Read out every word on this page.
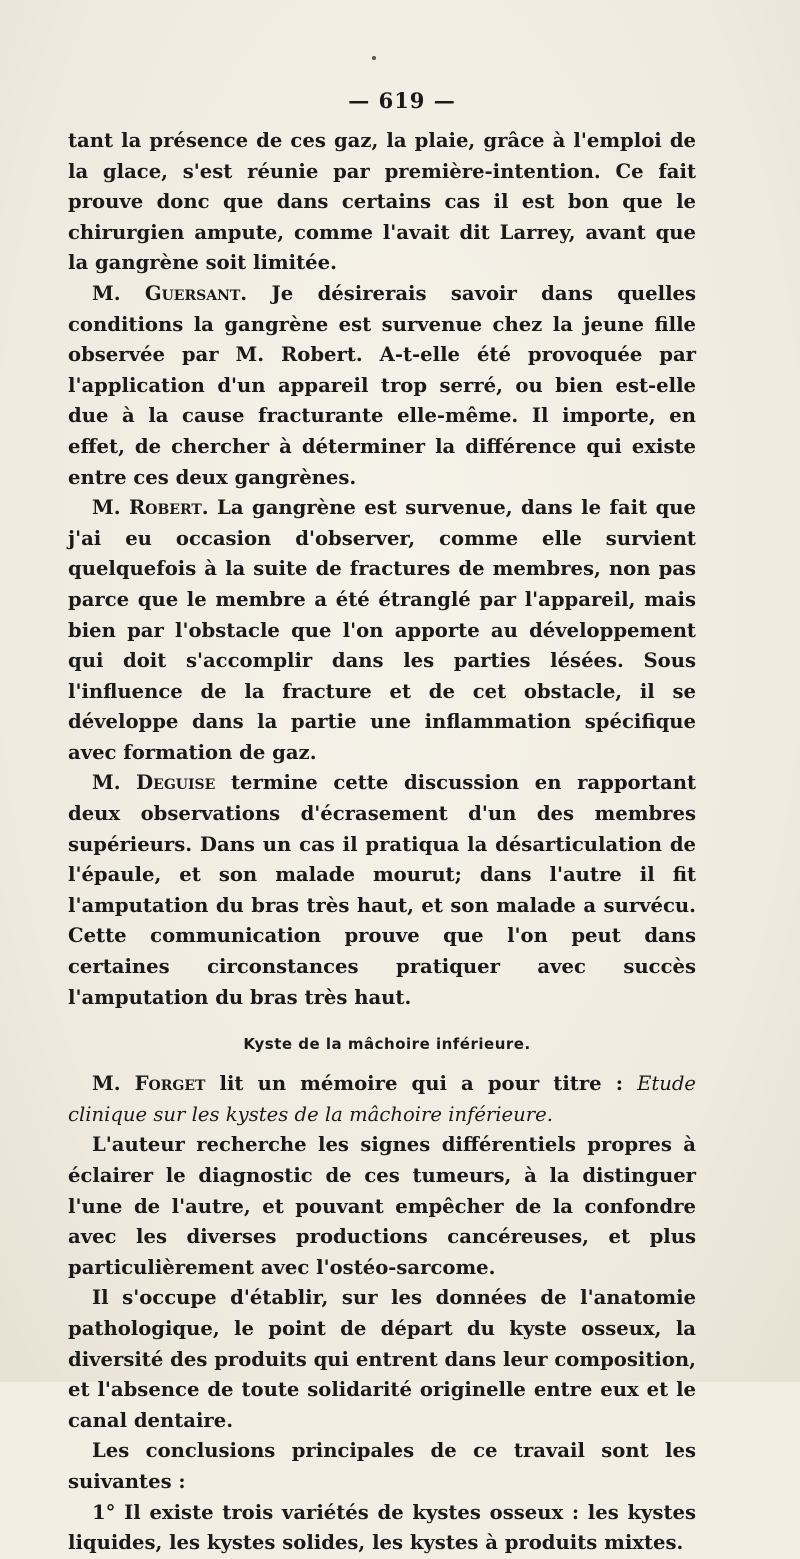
— 619 —

tant la présence de ces gaz, la plaie, grâce à l'emploi de la glace, s'est réunie par première-intention. Ce fait prouve donc que dans certains cas il est bon que le chirurgien ampute, comme l'avait dit Larrey, avant que la gangrène soit limitée.

M. Guersant. Je désirerais savoir dans quelles conditions la gangrène est survenue chez la jeune fille observée par M. Robert. A-t-elle été provoquée par l'application d'un appareil trop serré, ou bien est-elle due à la cause fracturante elle-même. Il importe, en effet, de chercher à déterminer la différence qui existe entre ces deux gangrènes.

M. Robert. La gangrène est survenue, dans le fait que j'ai eu occasion d'observer, comme elle survient quelquefois à la suite de fractures de membres, non pas parce que le membre a été étranglé par l'appareil, mais bien par l'obstacle que l'on apporte au développement qui doit s'accomplir dans les parties lésées. Sous l'influence de la fracture et de cet obstacle, il se développe dans la partie une inflammation spécifique avec formation de gaz.

M. Deguise termine cette discussion en rapportant deux observations d'écrasement d'un des membres supérieurs. Dans un cas il pratiqua la désarticulation de l'épaule, et son malade mourut; dans l'autre il fit l'amputation du bras très haut, et son malade a survécu. Cette communication prouve que l'on peut dans certaines circonstances pratiquer avec succès l'amputation du bras très haut.

Kyste de la mâchoire inférieure.

M. Forget lit un mémoire qui a pour titre : Etude clinique sur les kystes de la mâchoire inférieure.

L'auteur recherche les signes différentiels propres à éclairer le diagnostic de ces tumeurs, à la distinguer l'une de l'autre, et pouvant empêcher de la confondre avec les diverses productions cancéreuses, et plus particulièrement avec l'ostéo-sarcome.

Il s'occupe d'établir, sur les données de l'anatomie pathologique, le point de départ du kyste osseux, la diversité des produits qui entrent dans leur composition, et l'absence de toute solidarité originelle entre eux et le canal dentaire.

Les conclusions principales de ce travail sont les suivantes :

1° Il existe trois variétés de kystes osseux : les kystes liquides, les kystes solides, les kystes à produits mixtes.
